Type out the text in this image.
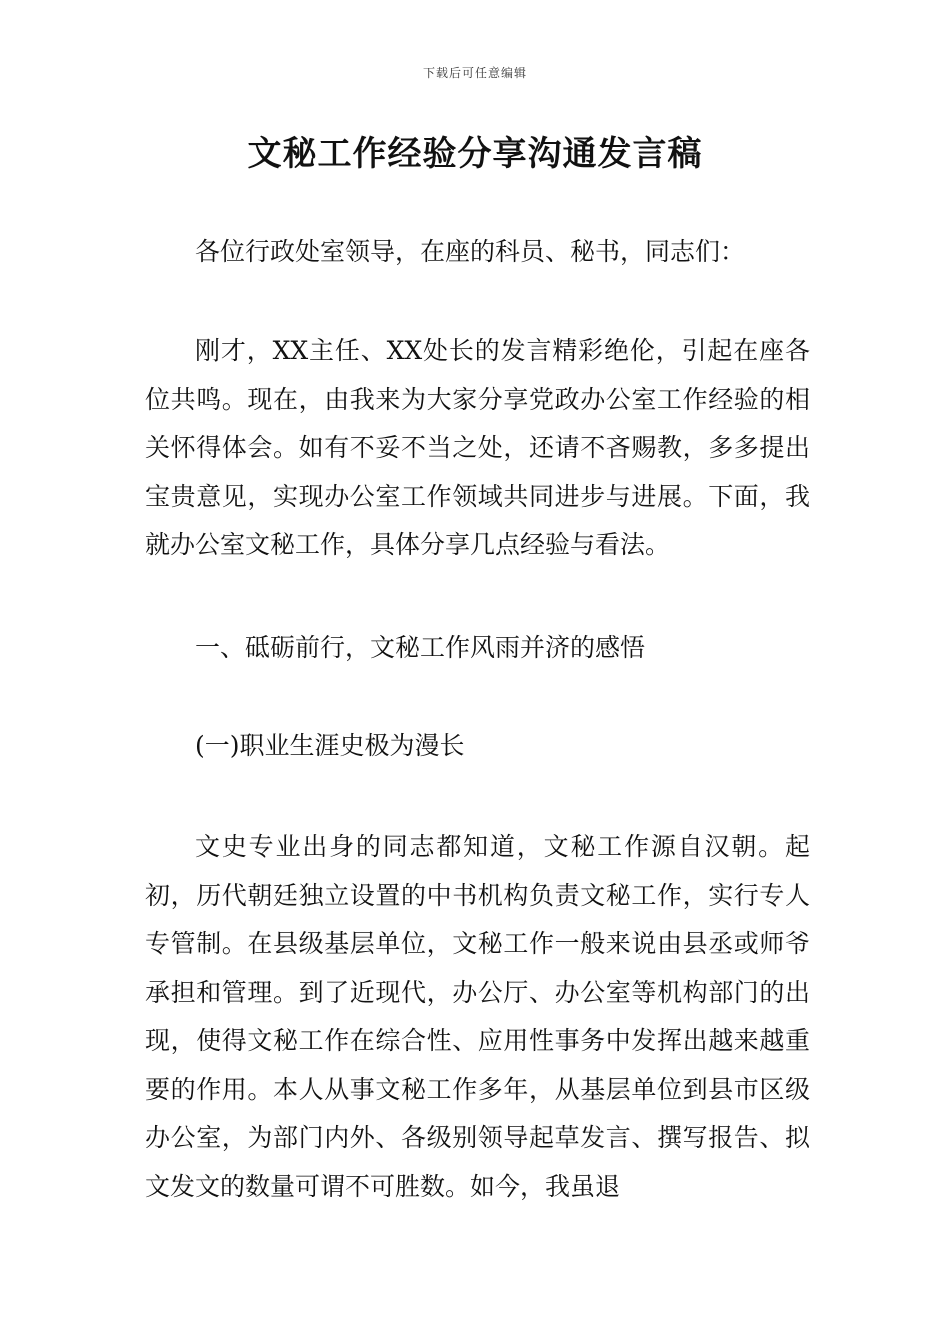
下载后可任意编辑
文秘工作经验分享沟通发言稿

各位行政处室领导，在座的科员、秘书，同志们：

刚才，XX主任、XX处长的发言精彩绝伦，引起在座各位共鸣。现在，由我来为大家分享党政办公室工作经验的相关怀得体会。如有不妥不当之处，还请不吝赐教，多多提出宝贵意见，实现办公室工作领域共同进步与进展。下面，我就办公室文秘工作，具体分享几点经验与看法。

一、砥砺前行，文秘工作风雨并济的感悟

(一)职业生涯史极为漫长

文史专业出身的同志都知道，文秘工作源自汉朝。起初，历代朝廷独立设置的中书机构负责文秘工作，实行专人专管制。在县级基层单位，文秘工作一般来说由县丞或师爷承担和管理。到了近现代，办公厅、办公室等机构部门的出现，使得文秘工作在综合性、应用性事务中发挥出越来越重要的作用。本人从事文秘工作多年，从基层单位到县市区级办公室，为部门内外、各级别领导起草发言、撰写报告、拟文发文的数量可谓不可胜数。如今，我虽退
